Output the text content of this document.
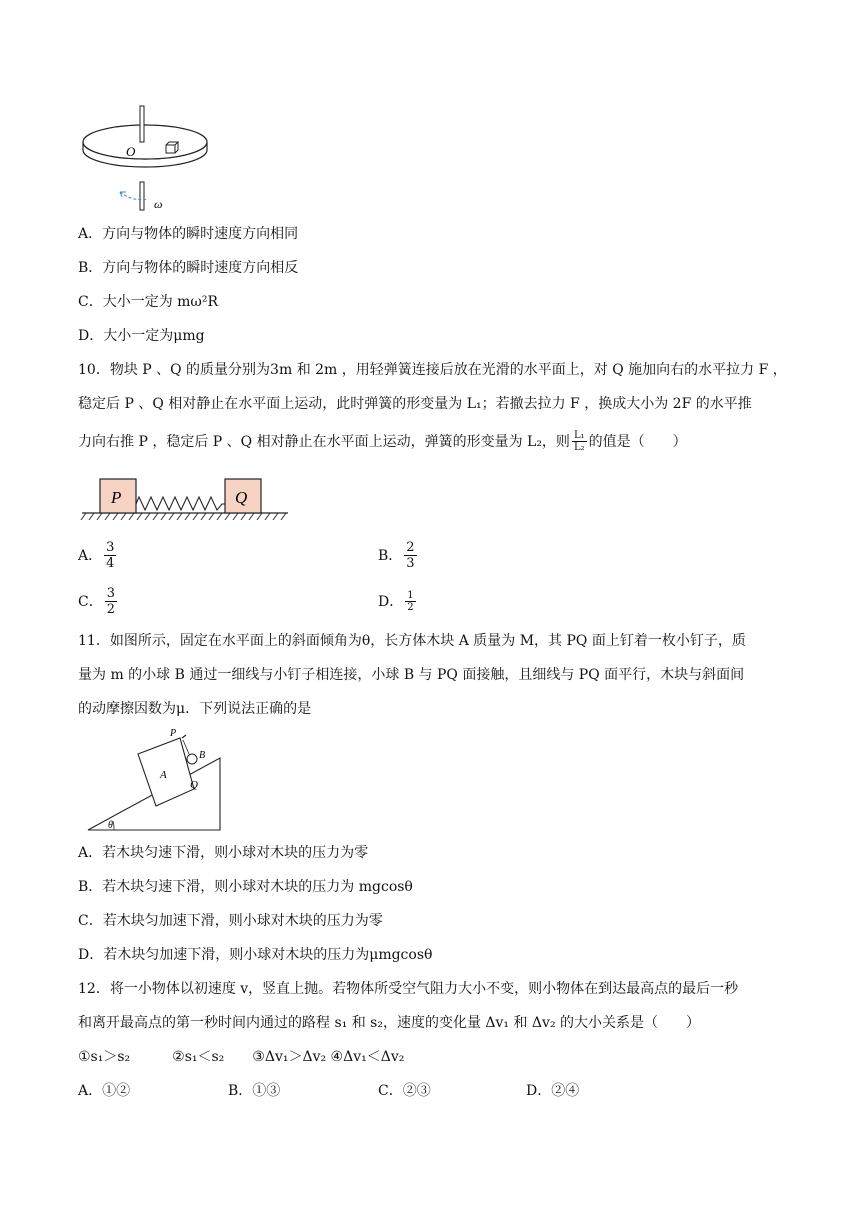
O
ω
A．方向与物体的瞬时速度方向相同
B．方向与物体的瞬时速度方向相反
C．大小一定为 mω²R
D．大小一定为μmg
10．物块 P 、Q 的质量分别为3m 和 2m ，用轻弹簧连接后放在光滑的水平面上，对 Q 施加向右的水平拉力 F ，
稳定后 P 、Q 相对静止在水平面上运动，此时弹簧的形变量为 L₁；若撤去拉力 F ，换成大小为 2F 的水平推
力向右推 P ，稳定后 P 、Q 相对静止在水平面上运动，弹簧的形变量为 L₂，则 $\frac{\text{L₁}}{\text{L₂}}$ 的值是（　　）
P	Q
A． $\frac{3}{4}$	B． $\frac{2}{3}$
C． $\frac{3}{2}$	D． $\frac{1}{2}$
11．如图所示，固定在水平面上的斜面倾角为θ，长方体木块 A 质量为 M，其 PQ 面上钉着一枚小钉子，质
量为 m 的小球 B 通过一细线与小钉子相连接，小球 B 与 PQ 面接触，且细线与 PQ 面平行，木块与斜面间
的动摩擦因数为μ．下列说法正确的是
P
A
B
Q
θ
A．若木块匀速下滑，则小球对木块的压力为零
B．若木块匀速下滑，则小球对木块的压力为 mgcosθ
C．若木块匀加速下滑，则小球对木块的压力为零
D．若木块匀加速下滑，则小球对木块的压力为μmgcosθ
12．将一小物体以初速度 v，竖直上抛。若物体所受空气阻力大小不变，则小物体在到达最高点的最后一秒
和离开最高点的第一秒时间内通过的路程 s₁ 和 s₂，速度的变化量 Δv₁ 和 Δv₂ 的大小关系是（　　）
①s₁＞s₂　　　②s₁＜s₂　　③Δv₁＞Δv₂ ④Δv₁＜Δv₂
A．①②	B．①③	C．②③	D．②④
